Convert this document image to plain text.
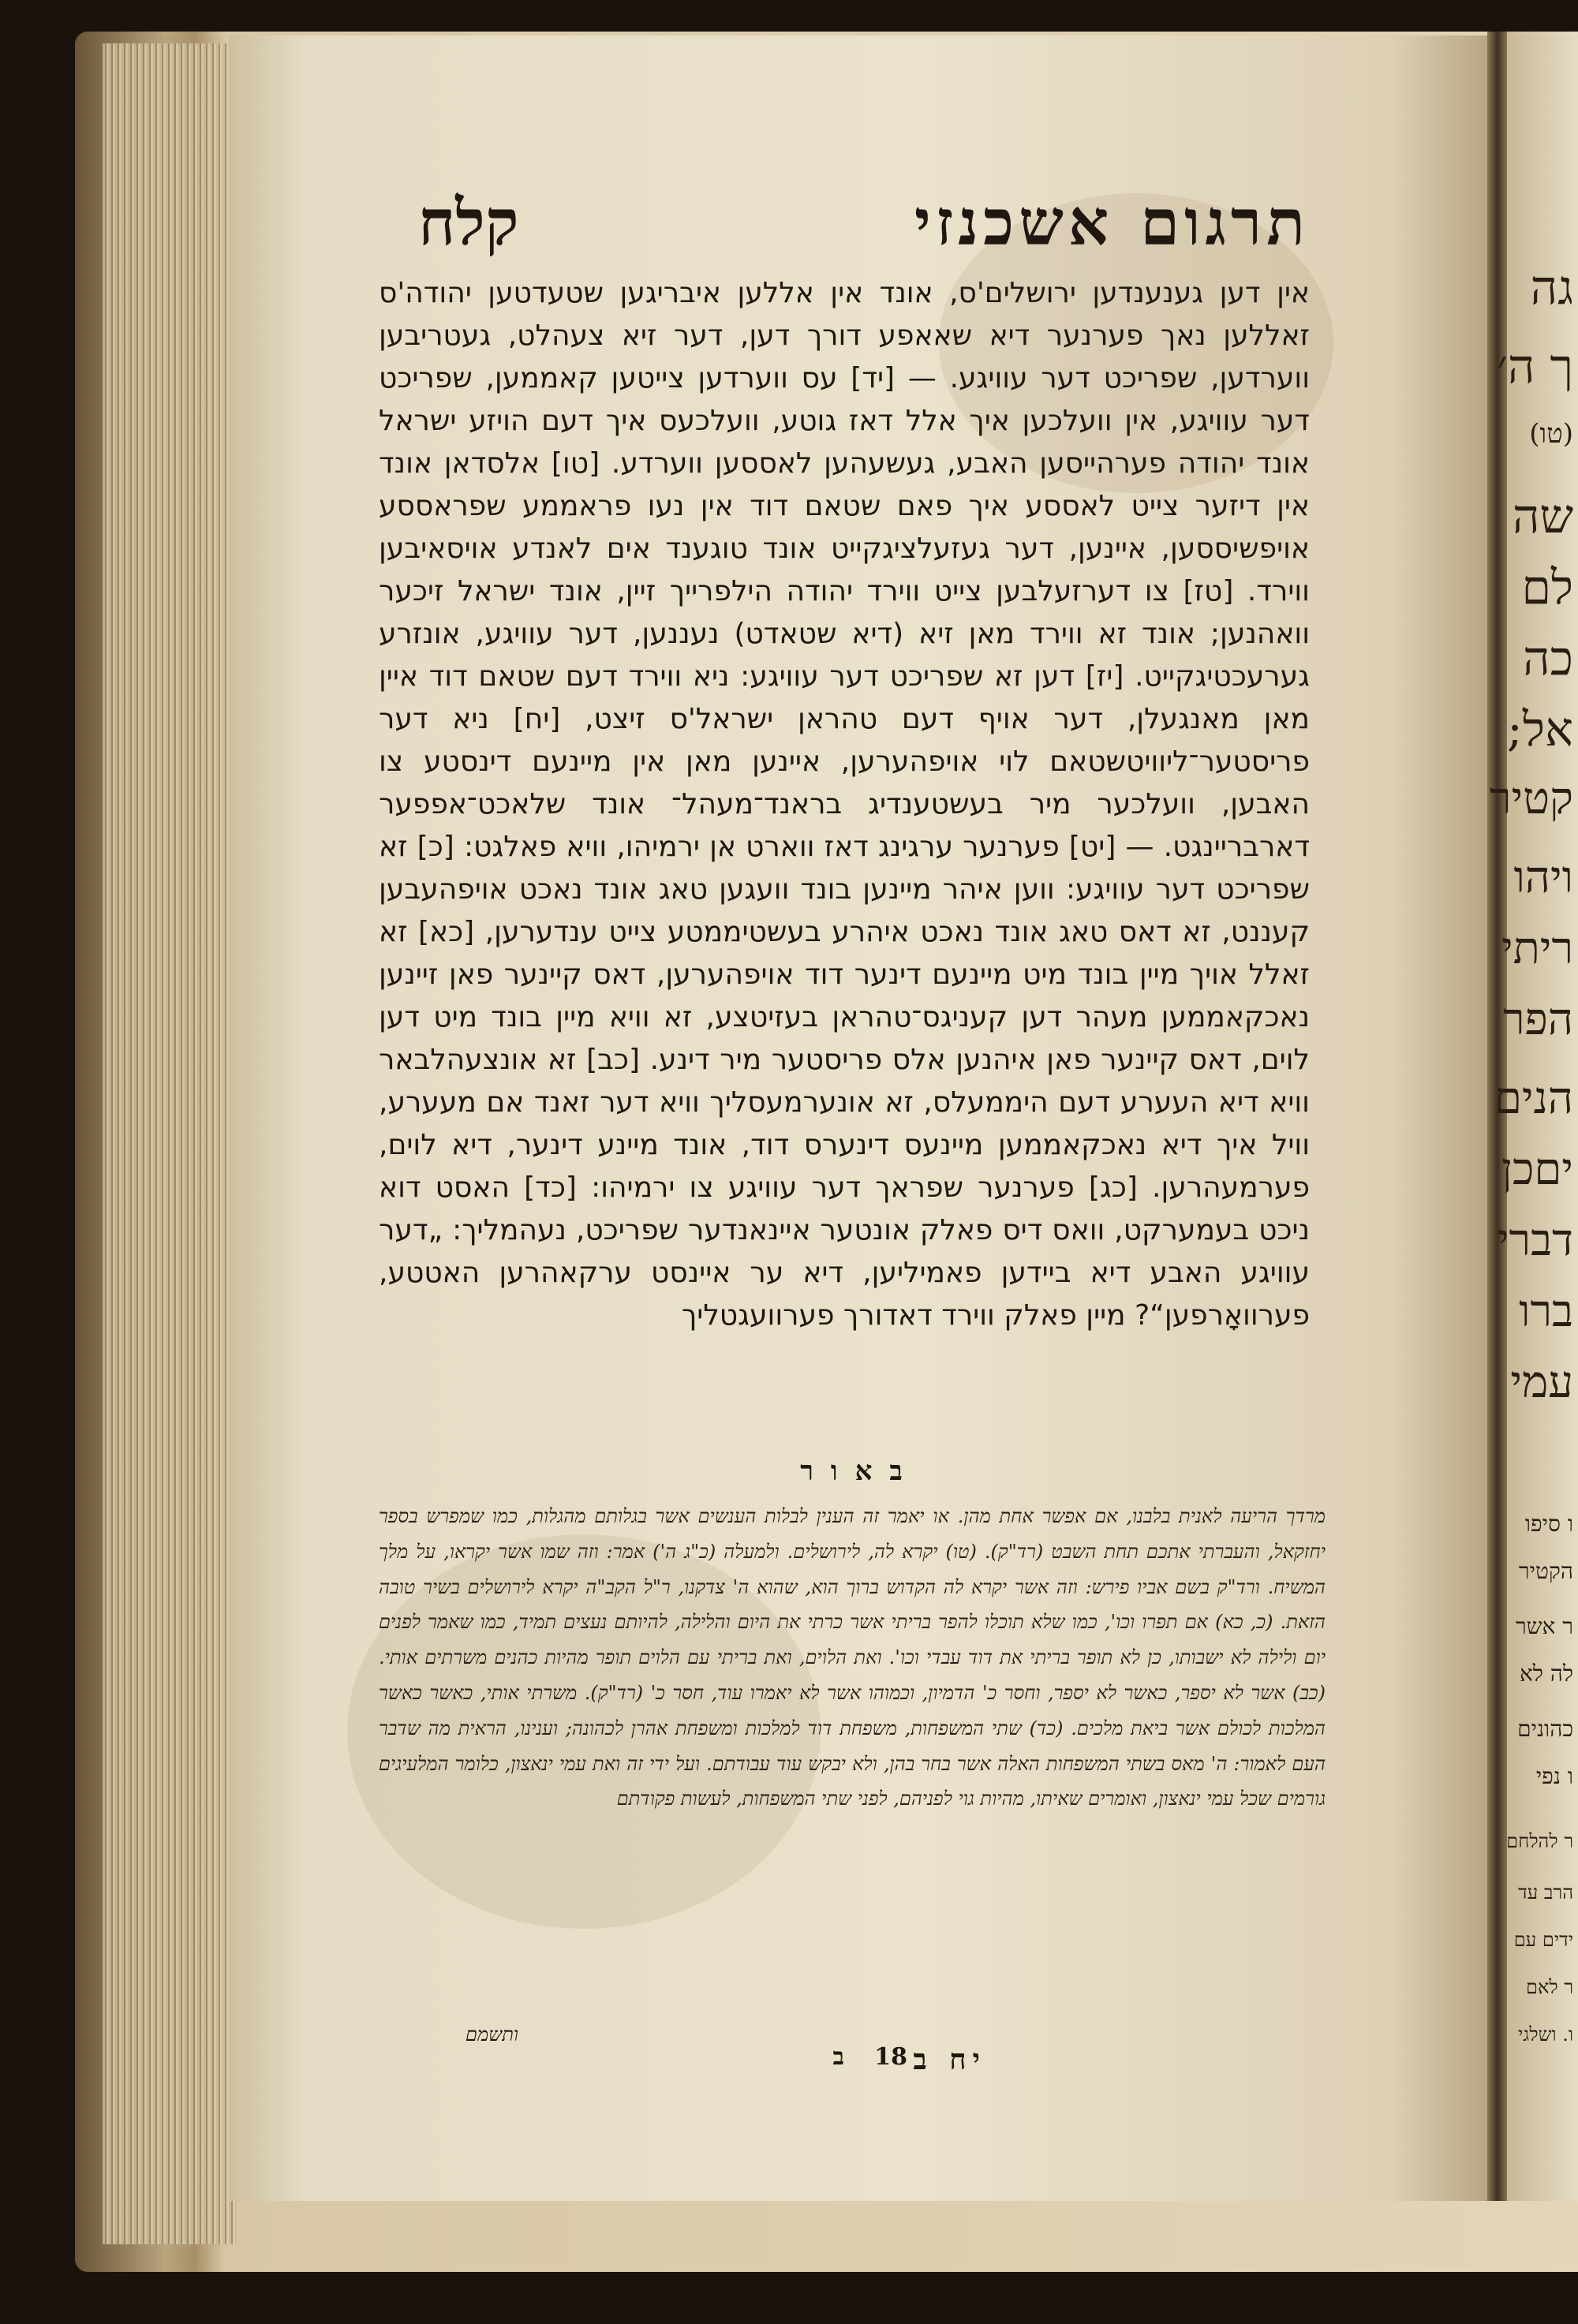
תרגום אשכנזי
קלח

אין דען גענענדען ירושלים'ס, אונד אין אללען איבריגען שטעדטען יהודה'ס זאללען נאך פערנער דיא שאאפע דורך דען, דער זיא צעהלט, געטריבען ווערדען, שפריכט דער עוויגע. — [יד] עס ווערדען צייטען קאממען, שפריכט דער עוויגע, אין וועלכען איך אלל דאז גוטע, וועלכעס איך דעם הויזע ישראל אונד יהודה פערהייסען האבע, געשעהען לאססען ווערדע. [טו] אלסדאן אונד אין דיזער צייט לאססע איך פאם שטאם דוד אין נעו פראממע שפראססע אויפשיססען, איינען, דער געזעלציגקייט אונד טוגענד אים לאנדע אויסאיבען ווירד. [טז] צו דערזעלבען צייט ווירד יהודה הילפרייך זיין, אונד ישראל זיכער וואהנען; אונד זא ווירד מאן זיא (דיא שטאדט) נעננען, דער עוויגע, אונזרע גערעכטיגקייט. [יז] דען זא שפריכט דער עוויגע: ניא ווירד דעם שטאם דוד איין מאן מאנגעלן, דער אויף דעם טהראן ישראל'ס זיצט, [יח] ניא דער פריסטער־ליוויטשטאם לוי אויפהערען, איינען מאן אין מיינעם דינסטע צו האבען, וועלכער מיר בעשטענדיג בראנד־מעהל־ אונד שלאכט־אפפער דארבריינגט. — [יט] פערנער ערגינג דאז ווארט אן ירמיהו, וויא פאלגט: [כ] זא שפריכט דער עוויגע: ווען איהר מיינען בונד וועגען טאג אונד נאכט אויפהעבען קעננט, זא דאס טאג אונד נאכט איהרע בעשטיממטע צייט ענדערען, [כא] זא זאלל אויך מיין בונד מיט מיינעם דינער דוד אויפהערען, דאס קיינער פאן זיינען נאכקאממען מעהר דען קעניגס־טהראן בעזיטצע, זא וויא מיין בונד מיט דען לוים, דאס קיינער פאן איהנען אלס פריסטער מיר דינע. [כב] זא אונצעהלבאר וויא דיא העערע דעם היממעלס, זא אונערמעסליך וויא דער זאנד אם מעערע, וויל איך דיא נאכקאממען מיינעס דינערס דוד, אונד מיינע דינער, דיא לוים, פערמעהרען. [כג] פערנער שפראך דער עוויגע צו ירמיהו: [כד] האסט דוא ניכט בעמערקט, וואס דיס פאלק אונטער איינאנדער שפריכט, נעהמליך: „דער עוויגע האבע דיא ביידען פאמיליען, דיא ער איינסט ערקאהרען האטטע, פערוואָרפען“? מיין פאלק ווירד דאדורך פערוועגטליך

באור

מרדך הריעה לאנית בלבנו, אם אפשר אחת מהן. או יאמר זה הענין לבלות הענשים אשר בגלותם מהגלות, כמו שמפרש בספר יחזקאל, והעברתי אתכם תחת השבט (רד"ק). (טו) יקרא לה, לירושלים. ולמעלה (כ"ג ה') אמר: וזה שמו אשר יקראו, על מלך המשיח. ורד"ק בשם אביו פירש: וזה אשר יקרא לה הקדוש ברוך הוא, שהוא ה' צדקנו, ר"ל הקב"ה יקרא לירושלים בשיר טובה הזאת. (כ, כא) אם תפרו וכו', כמו שלא תוכלו להפר בריתי אשר כרתי את היום והלילה, להיותם נעצים תמיד, כמו שאמר לפנים יום ולילה לא ישבותו, כן לא תופר בריתי את דוד עבדי וכו'. ואת הלוים, ואת בריתי עם הלוים תופר מהיות כהנים משרתים אותי. (כב) אשר לא יספר, כאשר לא יספר, וחסר כ' הדמיון, וכמוהו אשר לא יאמרו עוד, חסר כ' (רד"ק). משרתי אותי, כאשר כאשר המלכות לכולם אשר ביאת מלכים. (כד) שתי המשפחות, משפחת דוד למלכות ומשפחת אהרן לכהונה; וענינו, הראית מה שדבר העם לאמור: ה' מאס בשתי המשפחות האלה אשר בחר בהן, ולא יבקש עוד עבודתם. ועל ידי זה ואת עמי ינאצון, כלומר המלעיגים גורמים שכל עמי ינאצון, ואומרים שאיתו, מהיות גוי לפניהם, לפני שתי המשפחות, לעשות פקודתם

יח ב
18
ב
ותשמם
גה
ך ה׳
(טו)
שה
לם
כה
אל;
קטיר
ויהו
ריתי
הפר
הנים
יםכן
דברי
ברו
עמי
ו סיפו
הקטיר
ר אשר
לה לא
כהונים
ו נפי
ר להלחם
הרב עד
ידים עם
ר לאם
ו. ושלגי
